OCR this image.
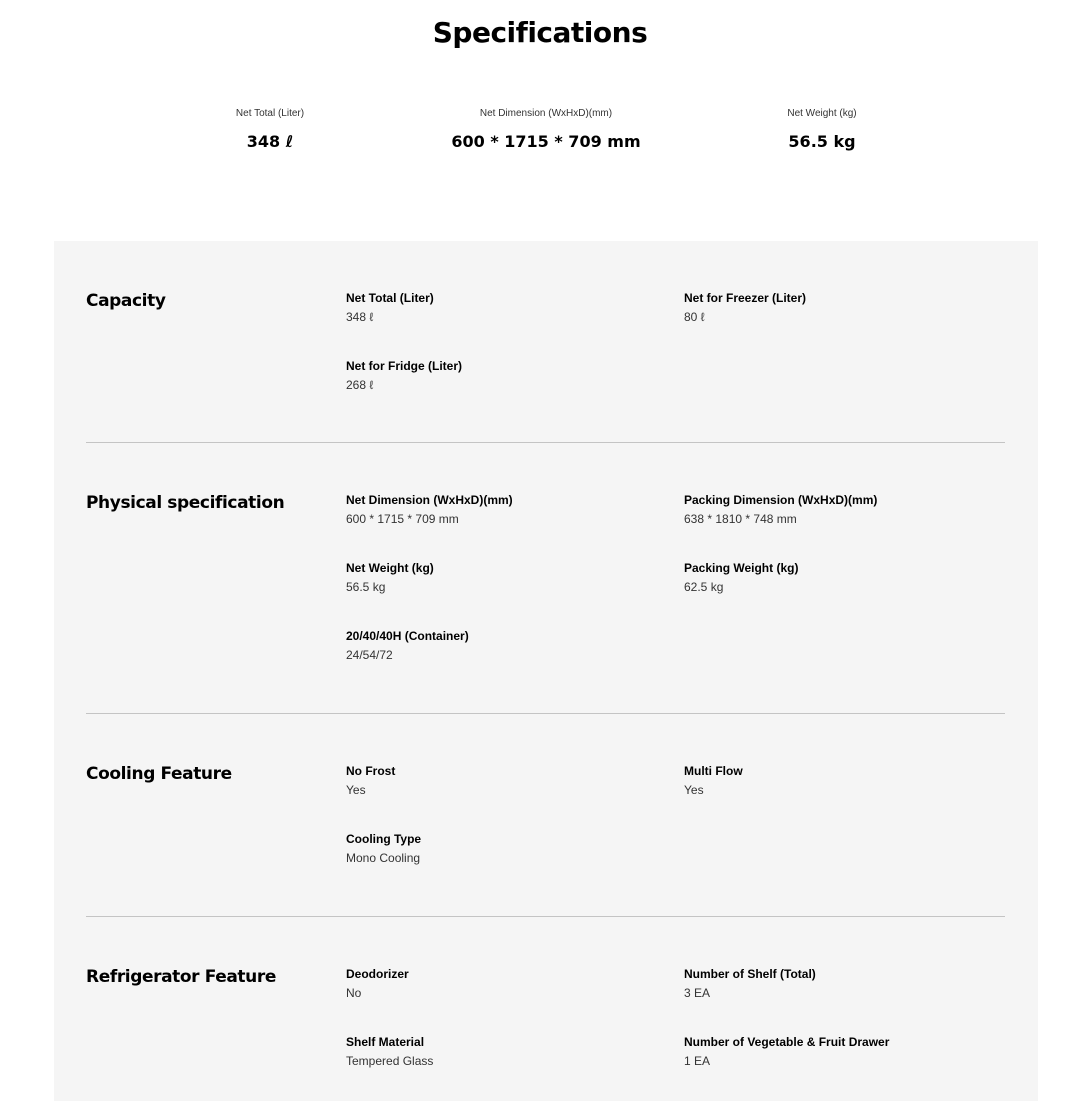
Specifications
Net Total (Liter)
348 ℓ
Net Dimension (WxHxD)(mm)
600 * 1715 * 709 mm
Net Weight (kg)
56.5 kg
Capacity	Net Total (Liter)
348 ℓ
Net for Freezer (Liter)
80 ℓ
Net for Fridge (Liter)
268 ℓ
Physical specification	Net Dimension (WxHxD)(mm)
600 * 1715 * 709 mm
Packing Dimension (WxHxD)(mm)
638 * 1810 * 748 mm
Net Weight (kg)
56.5 kg
Packing Weight (kg)
62.5 kg
20/40/40H (Container)
24/54/72
Cooling Feature	No Frost
Yes
Multi Flow
Yes
Cooling Type
Mono Cooling
Refrigerator Feature	Deodorizer
No
Number of Shelf (Total)
3 EA
Shelf Material
Tempered Glass
Number of Vegetable & Fruit Drawer
1 EA
